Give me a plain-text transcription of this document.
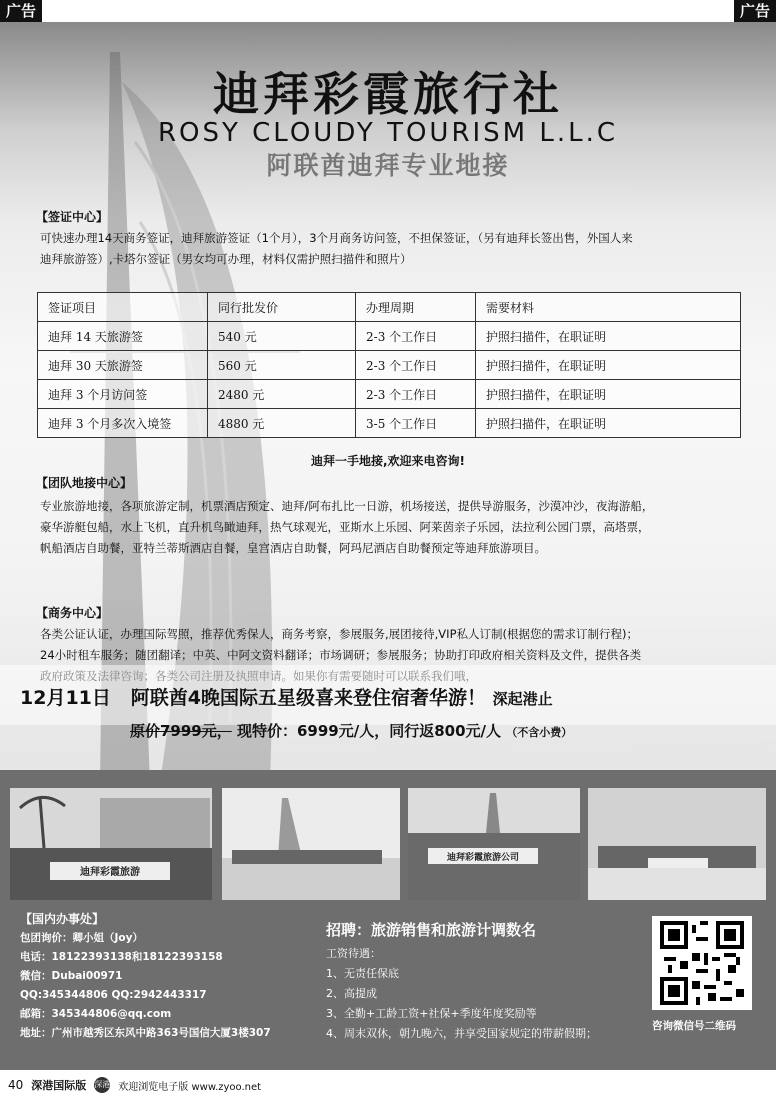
广告	广告
迪拜彩霞旅行社
ROSY CLOUDY TOURISM L.L.C
阿联酋迪拜专业地接
【签证中心】
可快速办理14天商务签证，迪拜旅游签证（1个月），3个月商务访问签，不担保签证，（另有迪拜长签出售，外国人来
迪拜旅游签）,卡塔尔签证（男女均可办理，材料仅需护照扫描件和照片）
签证项目	同行批发价	办理周期	需要材料
迪拜 14 天旅游签	540 元	2-3 个工作日	护照扫描件，在职证明
迪拜 30 天旅游签	560 元	2-3 个工作日	护照扫描件，在职证明
迪拜 3 个月访问签	2480 元	2-3 个工作日	护照扫描件，在职证明
迪拜 3 个月多次入境签	4880 元	3-5 个工作日	护照扫描件，在职证明
迪拜一手地接,欢迎来电咨询!
【团队地接中心】
专业旅游地接，各项旅游定制，机票酒店预定、迪拜/阿布扎比一日游，机场接送，提供导游服务，沙漠冲沙，夜海游船，
豪华游艇包船，水上飞机，直升机鸟瞰迪拜，热气球观光，亚斯水上乐园、阿莱茵亲子乐园，法拉利公园门票，高塔票，
帆船酒店自助餐，亚特兰蒂斯酒店自餐，皇宫酒店自助餐，阿玛尼酒店自助餐预定等迪拜旅游项目。
【商务中心】
各类公证认证，办理国际驾照，推荐优秀保人，商务考察，参展服务,展团接待,VIP私人订制(根据您的需求订制行程)；
24小时租车服务；随团翻译；中英、中阿文资料翻译；市场调研；参展服务；协助打印政府相关资料及文件，提供各类
12月11日 阿联酋4晚国际五星级喜来登住宿奢华游！ 深起港止
原价7999元， 现特价：6999元/人，同行返800元/人 （不含小费）
迪拜彩霞旅游
迪拜彩霞旅游公司
【国内办事处】
包团询价：卿小姐（Joy）
电话：18122393138和18122393158
微信：Dubai00971
QQ:345344806 QQ:2942443317
邮箱：345344806@qq.com
地址：广州市越秀区东风中路363号国信大厦3楼307
招聘：旅游销售和旅游计调数名
工资待遇：
1、无责任保底
2、高提成
3、全勤+工龄工资+社保+季度年度奖励等
4、周末双休，朝九晚六，并享受国家规定的带薪假期；
咨询微信号二维码
40 深港国际版 深港 欢迎浏览电子版 www.zyoo.net
